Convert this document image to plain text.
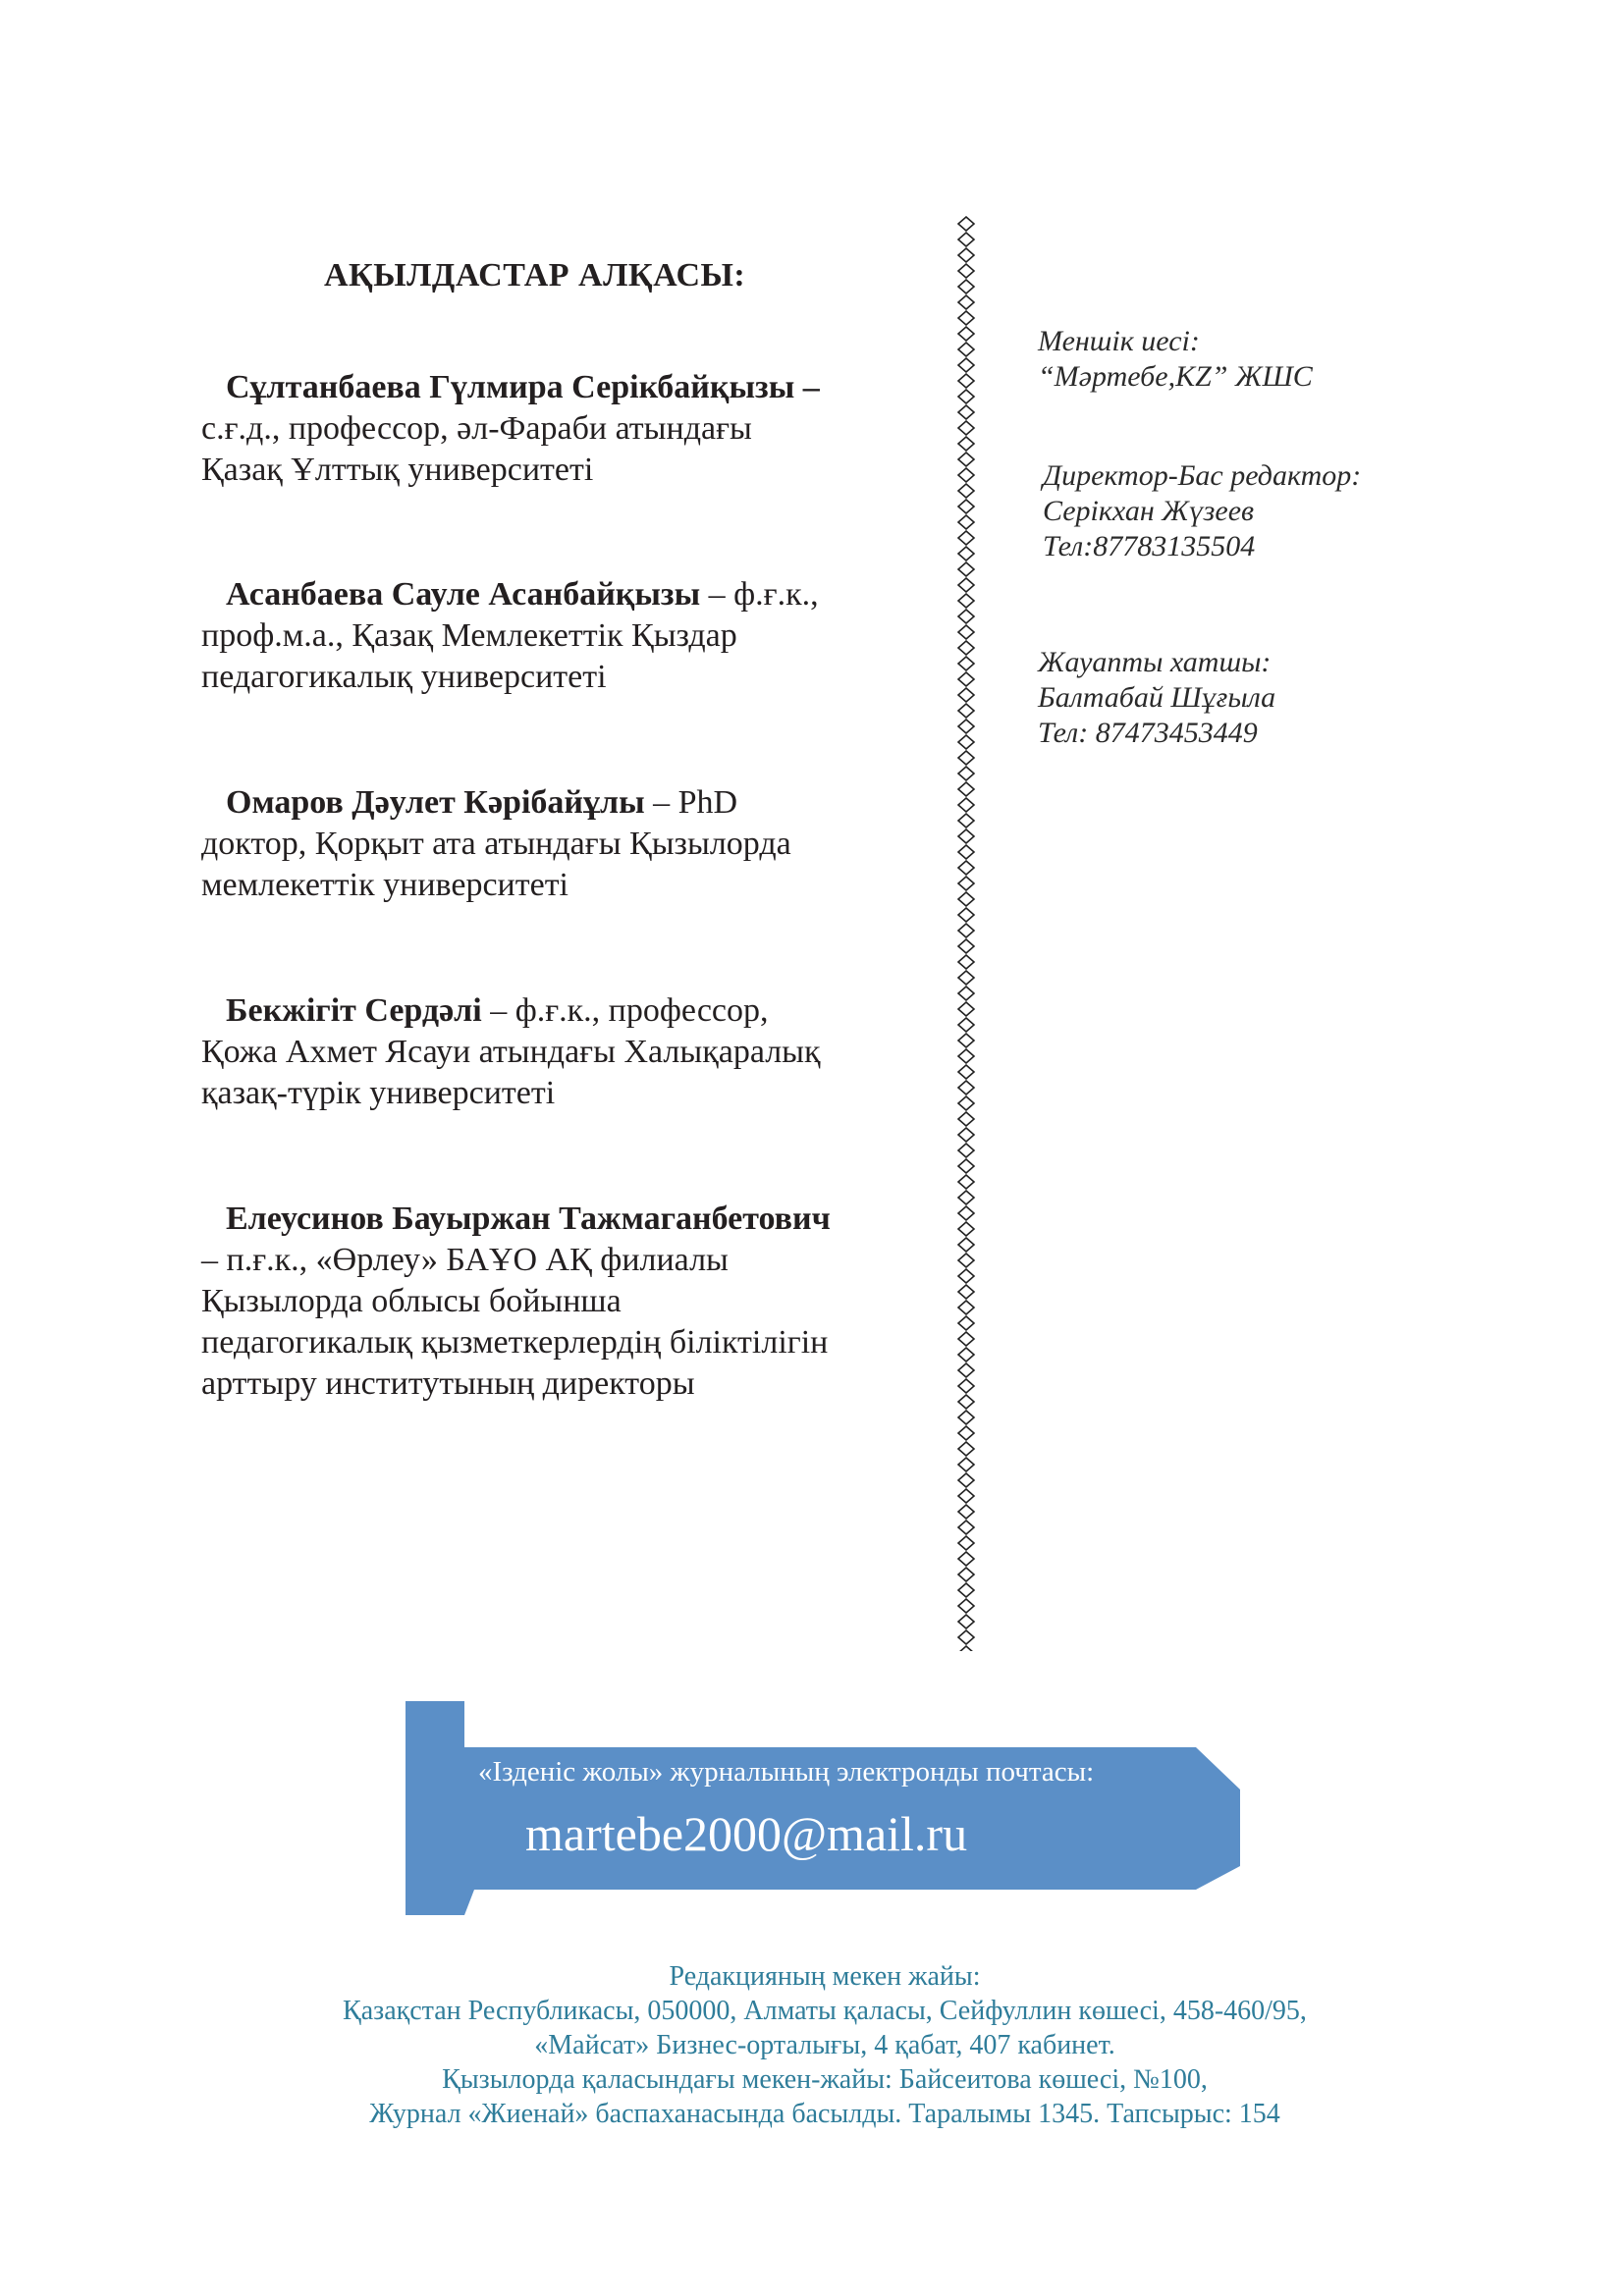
АҚЫЛДАСТАР АЛҚАСЫ:
Сұлтанбаева Гүлмира Серікбайқызы –
с.ғ.д., профессор, әл-Фараби атындағы
Қазақ Ұлттық университеті
Асанбаева Сауле Асанбайқызы – ф.ғ.к.,
проф.м.а., Қазақ Мемлекеттік Қыздар
педагогикалық университеті
Омаров Дәулет Кәрібайұлы – PhD
доктор, Қорқыт ата атындағы Қызылорда
мемлекеттік университеті
Бекжігіт Сердәлі – ф.ғ.к., профессор,
Қожа Ахмет Ясауи атындағы Халықаралық
қазақ-түрік университеті
Елеусинов Бауыржан Тажмаганбетович
– п.ғ.к., «Өрлеу» БАҰО АҚ филиалы
Қызылорда облысы бойынша
педагогикалық қызметкерлердің біліктілігін
арттыру институтының директоры
Меншік иесі:
“Мәртебе,KZ” ЖШС
Директор-Бас редактор:
Серікхан Жүзеев
Тел:87783135504
Жауапты хатшы:
Балтабай Шұғыла
Тел: 87473453449
«Ізденіс жолы» журналының электронды почтасы:
martebe2000@mail.ru
Редакцияның мекен жайы:
Қазақстан Республикасы, 050000, Алматы қаласы, Сейфуллин көшесі, 458-460/95,
«Майсат» Бизнес-орталығы, 4 қабат, 407 кабинет.
Қызылорда қаласындағы мекен-жайы: Байсеитова көшесі, №100,
Журнал «Жиенай» баспаханасында басылды. Таралымы 1345. Тапсырыс: 154
